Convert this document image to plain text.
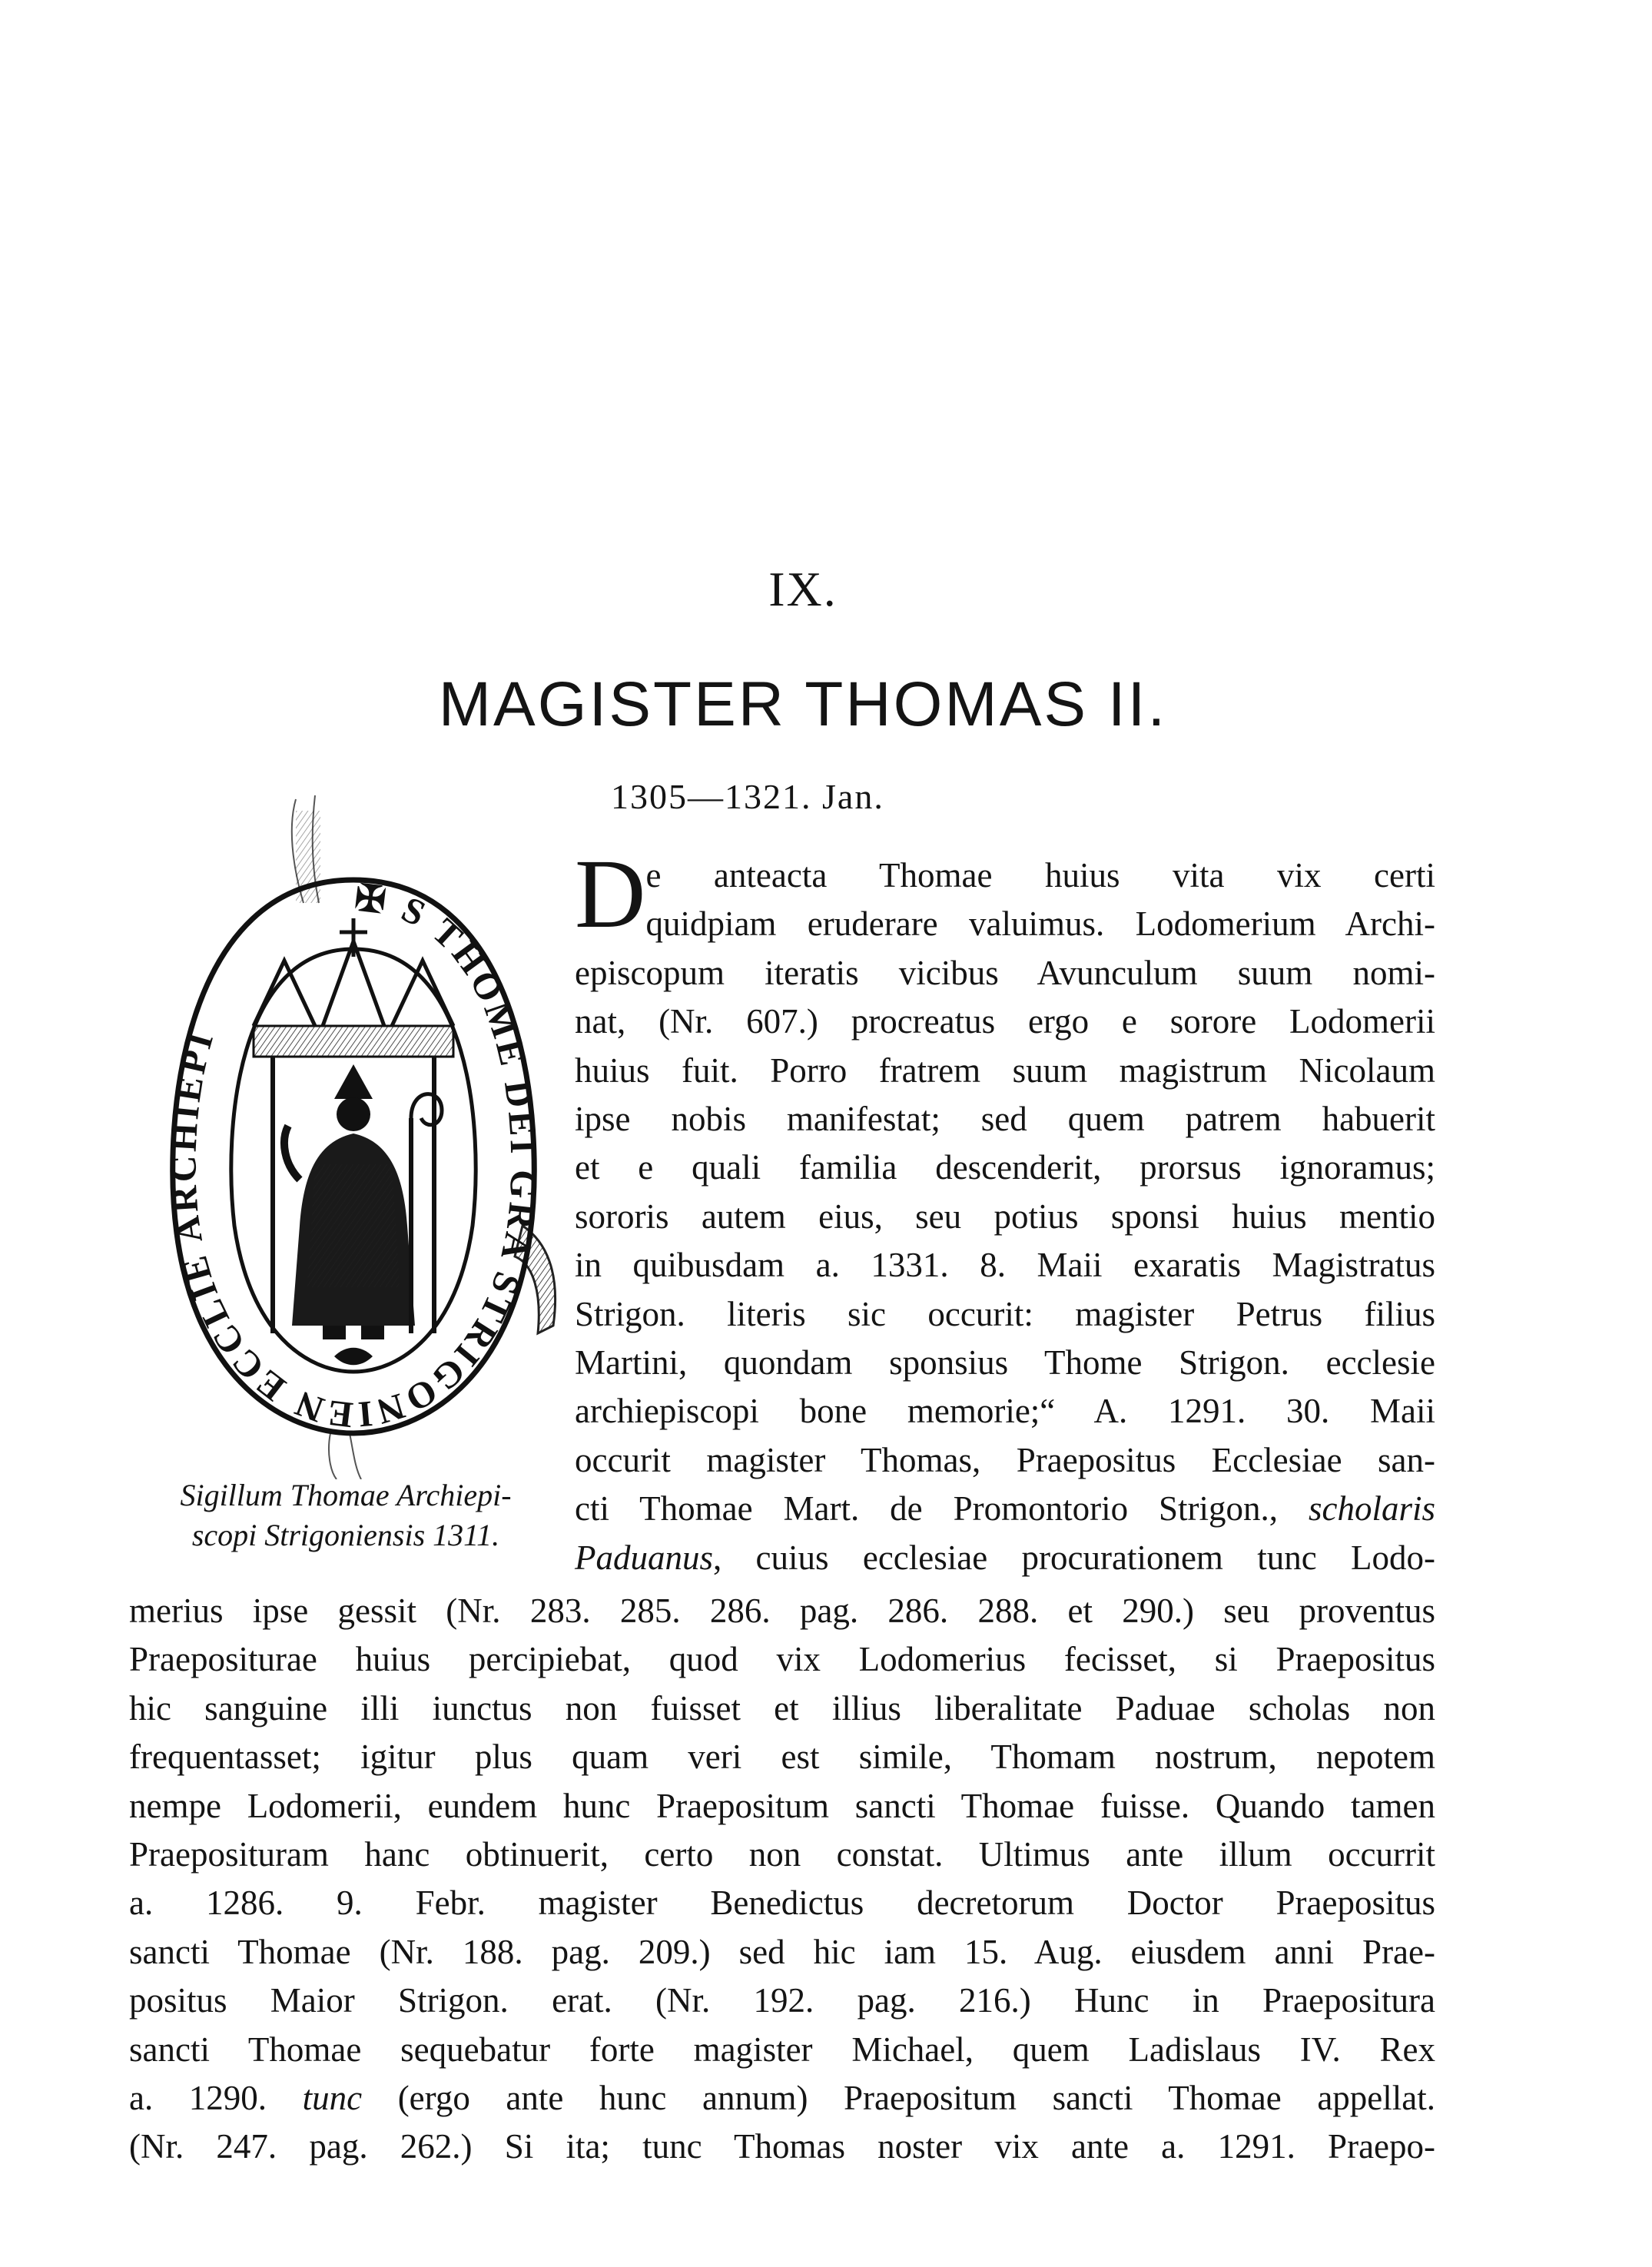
IX.
MAGISTER THOMAS II.
1305—1321. Jan.
✠ S THOME DEI GRA STRIGONIEN ECCLIE ARCHIEPI
Sigillum Thomae Archiepi-
scopi Strigoniensis 1311.
D e anteacta Thomae huius vita vix certi
quidpiam eruderare valuimus. Lodomerium Archi-
episcopum iteratis vicibus Avunculum suum nomi-
nat, (Nr. 607.) procreatus ergo e sorore Lodomerii
huius fuit. Porro fratrem suum magistrum Nicolaum
ipse nobis manifestat; sed quem patrem habuerit
et e quali familia descenderit, prorsus ignoramus;
sororis autem eius, seu potius sponsi huius mentio
in quibusdam a. 1331. 8. Maii exaratis Magistratus
Strigon. literis sic occurit: magister Petrus filius
Martini, quondam sponsius Thome Strigon. ecclesie
archiepiscopi bone memorie;“ A. 1291. 30. Maii
occurit magister Thomas, Praepositus Ecclesiae san-
cti Thomae Mart. de Promontorio Strigon., scholaris
Paduanus, cuius ecclesiae procurationem tunc Lodo-
merius ipse gessit (Nr. 283. 285. 286. pag. 286. 288. et 290.) seu proventus
Praepositurae huius percipiebat, quod vix Lodomerius fecisset, si Praepositus
hic sanguine illi iunctus non fuisset et illius liberalitate Paduae scholas non
frequentasset; igitur plus quam veri est simile, Thomam nostrum, nepotem
nempe Lodomerii, eundem hunc Praepositum sancti Thomae fuisse. Quando tamen
Praeposituram hanc obtinuerit, certo non constat. Ultimus ante illum occurrit
a. 1286. 9. Febr. magister Benedictus decretorum Doctor Praepositus
sancti Thomae (Nr. 188. pag. 209.) sed hic iam 15. Aug. eiusdem anni Prae-
positus Maior Strigon. erat. (Nr. 192. pag. 216.) Hunc in Praepositura
sancti Thomae sequebatur forte magister Michael, quem Ladislaus IV. Rex
a. 1290. tunc (ergo ante hunc annum) Praepositum sancti Thomae appellat.
(Nr. 247. pag. 262.) Si ita; tunc Thomas noster vix ante a. 1291. Praepo-
